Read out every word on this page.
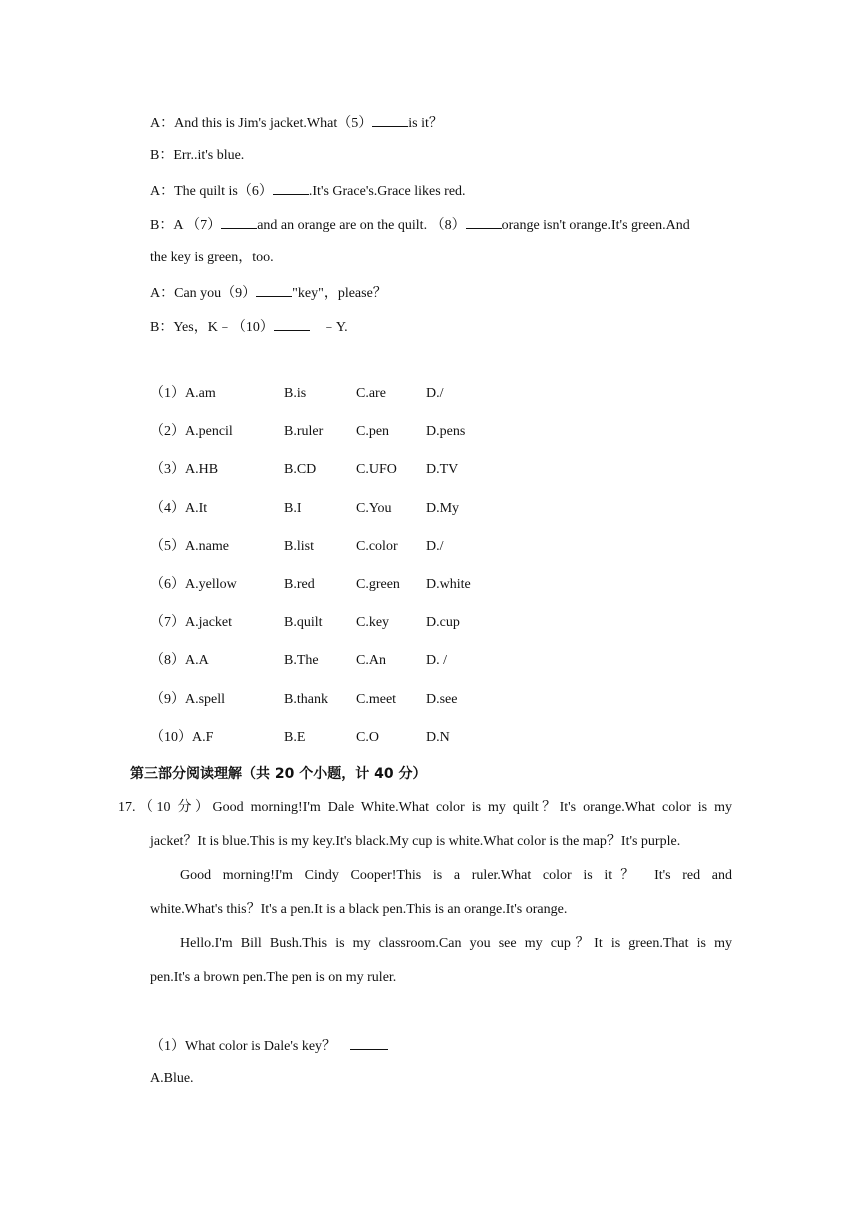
A：And this is Jim's jacket.What（5）	is it？
B：Err..it's blue.
A：The quilt is（6）	.It's Grace's.Grace likes red.
B：A （7）	and an orange are on the quilt. （8）	orange isn't orange.It's green.And
the key is green，too.
A：Can you（9）	"key"，please？
B：Yes，K﹣（10）	﹣Y.
（1）A.am	B.is	C.are	D./
（2）A.pencil	B.ruler C.pen	D.pens
（3）A.HB	B.CD	C.UFO D.TV
（4）A.It	B.I	C.You D.My
（5）A.name	B.list	C.color D./
（6）A.yellow	B.red	C.green D.white
（7）A.jacket	B.quilt C.key	D.cup
（8）A.A	B.The	C.An	D. /
（9）A.spell	B.thank C.meet D.see
（10）A.F	B.E	C.O	D.N
第三部分阅读理解（共 20 个小题，计 40 分）
17.（10 分）Good morning!I'm Dale White.What color is my quilt？It's orange.What color is my
jacket？It is blue.This is my key.It's black.My cup is white.What color is the map？It's purple.
Good morning!I'm Cindy Cooper!This is a ruler.What color is it？ It's red and
white.What's this？It's a pen.It is a black pen.This is an orange.It's orange.
Hello.I'm Bill Bush.This is my classroom.Can you see my cup？It is green.That is my
pen.It's a brown pen.The pen is on my ruler.
（1）What color is Dale's key？
A.Blue.
